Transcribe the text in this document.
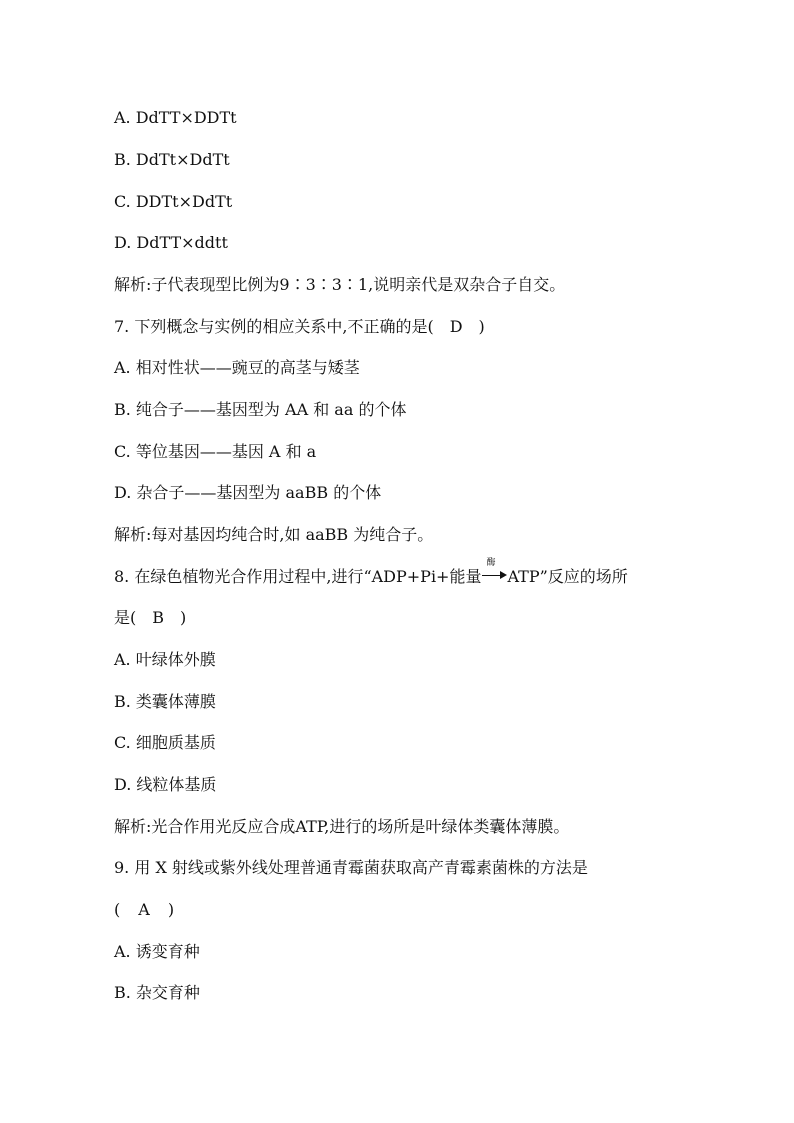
A. DdTT×DDTt
B. DdTt×DdTt
C. DDTt×DdTt
D. DdTT×ddtt
解析:子代表现型比例为9∶3∶3∶1,说明亲代是双杂合子自交。
7. 下列概念与实例的相应关系中,不正确的是( D )
A. 相对性状——豌豆的高茎与矮茎
B. 纯合子——基因型为 AA 和 aa 的个体
C. 等位基因——基因 A 和 a
D. 杂合子——基因型为 aaBB 的个体
解析:每对基因均纯合时,如 aaBB 为纯合子。
8. 在绿色植物光合作用过程中,进行“ADP+Pi+能量
酶
ATP”反应的场所
是( B )
A. 叶绿体外膜
B. 类囊体薄膜
C. 细胞质基质
D. 线粒体基质
解析:光合作用光反应合成ATP,进行的场所是叶绿体类囊体薄膜。
9. 用 X 射线或紫外线处理普通青霉菌获取高产青霉素菌株的方法是
( A )
A. 诱变育种
B. 杂交育种
